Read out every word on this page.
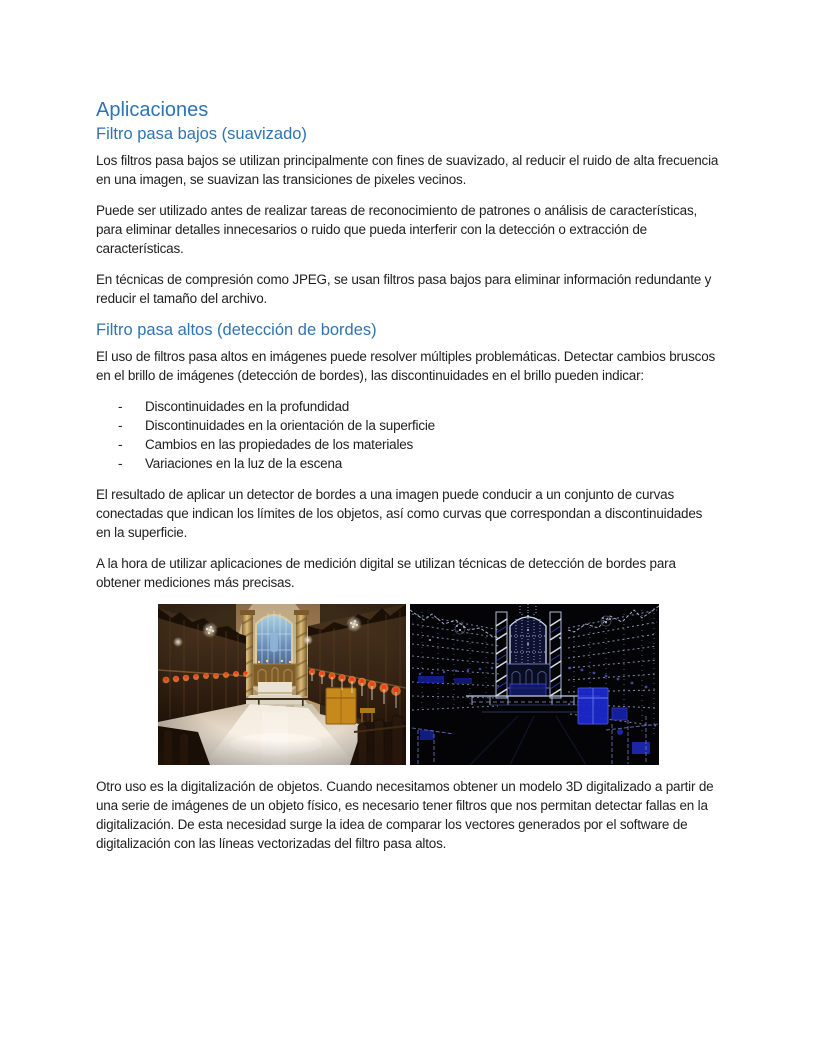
Aplicaciones
Filtro pasa bajos (suavizado)

Los filtros pasa bajos se utilizan principalmente con fines de suavizado, al reducir el ruido de alta frecuencia en una imagen, se suavizan las transiciones de pixeles vecinos.

Puede ser utilizado antes de realizar tareas de reconocimiento de patrones o análisis de características, para eliminar detalles innecesarios o ruido que pueda interferir con la detección o extracción de características.

En técnicas de compresión como JPEG, se usan filtros pasa bajos para eliminar información redundante y reducir el tamaño del archivo.

Filtro pasa altos (detección de bordes)

El uso de filtros pasa altos en imágenes puede resolver múltiples problemáticas. Detectar cambios bruscos en el brillo de imágenes (detección de bordes), las discontinuidades en el brillo pueden indicar:

-	Discontinuidades en la profundidad
-	Discontinuidades en la orientación de la superficie
-	Cambios en las propiedades de los materiales
-	Variaciones en la luz de la escena

El resultado de aplicar un detector de bordes a una imagen puede conducir a un conjunto de curvas conectadas que indican los límites de los objetos, así como curvas que correspondan a discontinuidades en la superficie.

A la hora de utilizar aplicaciones de medición digital se utilizan técnicas de detección de bordes para obtener mediciones más precisas.

Otro uso es la digitalización de objetos. Cuando necesitamos obtener un modelo 3D digitalizado a partir de una serie de imágenes de un objeto físico, es necesario tener filtros que nos permitan detectar fallas en la digitalización. De esta necesidad surge la idea de comparar los vectores generados por el software de digitalización con las líneas vectorizadas del filtro pasa altos.
